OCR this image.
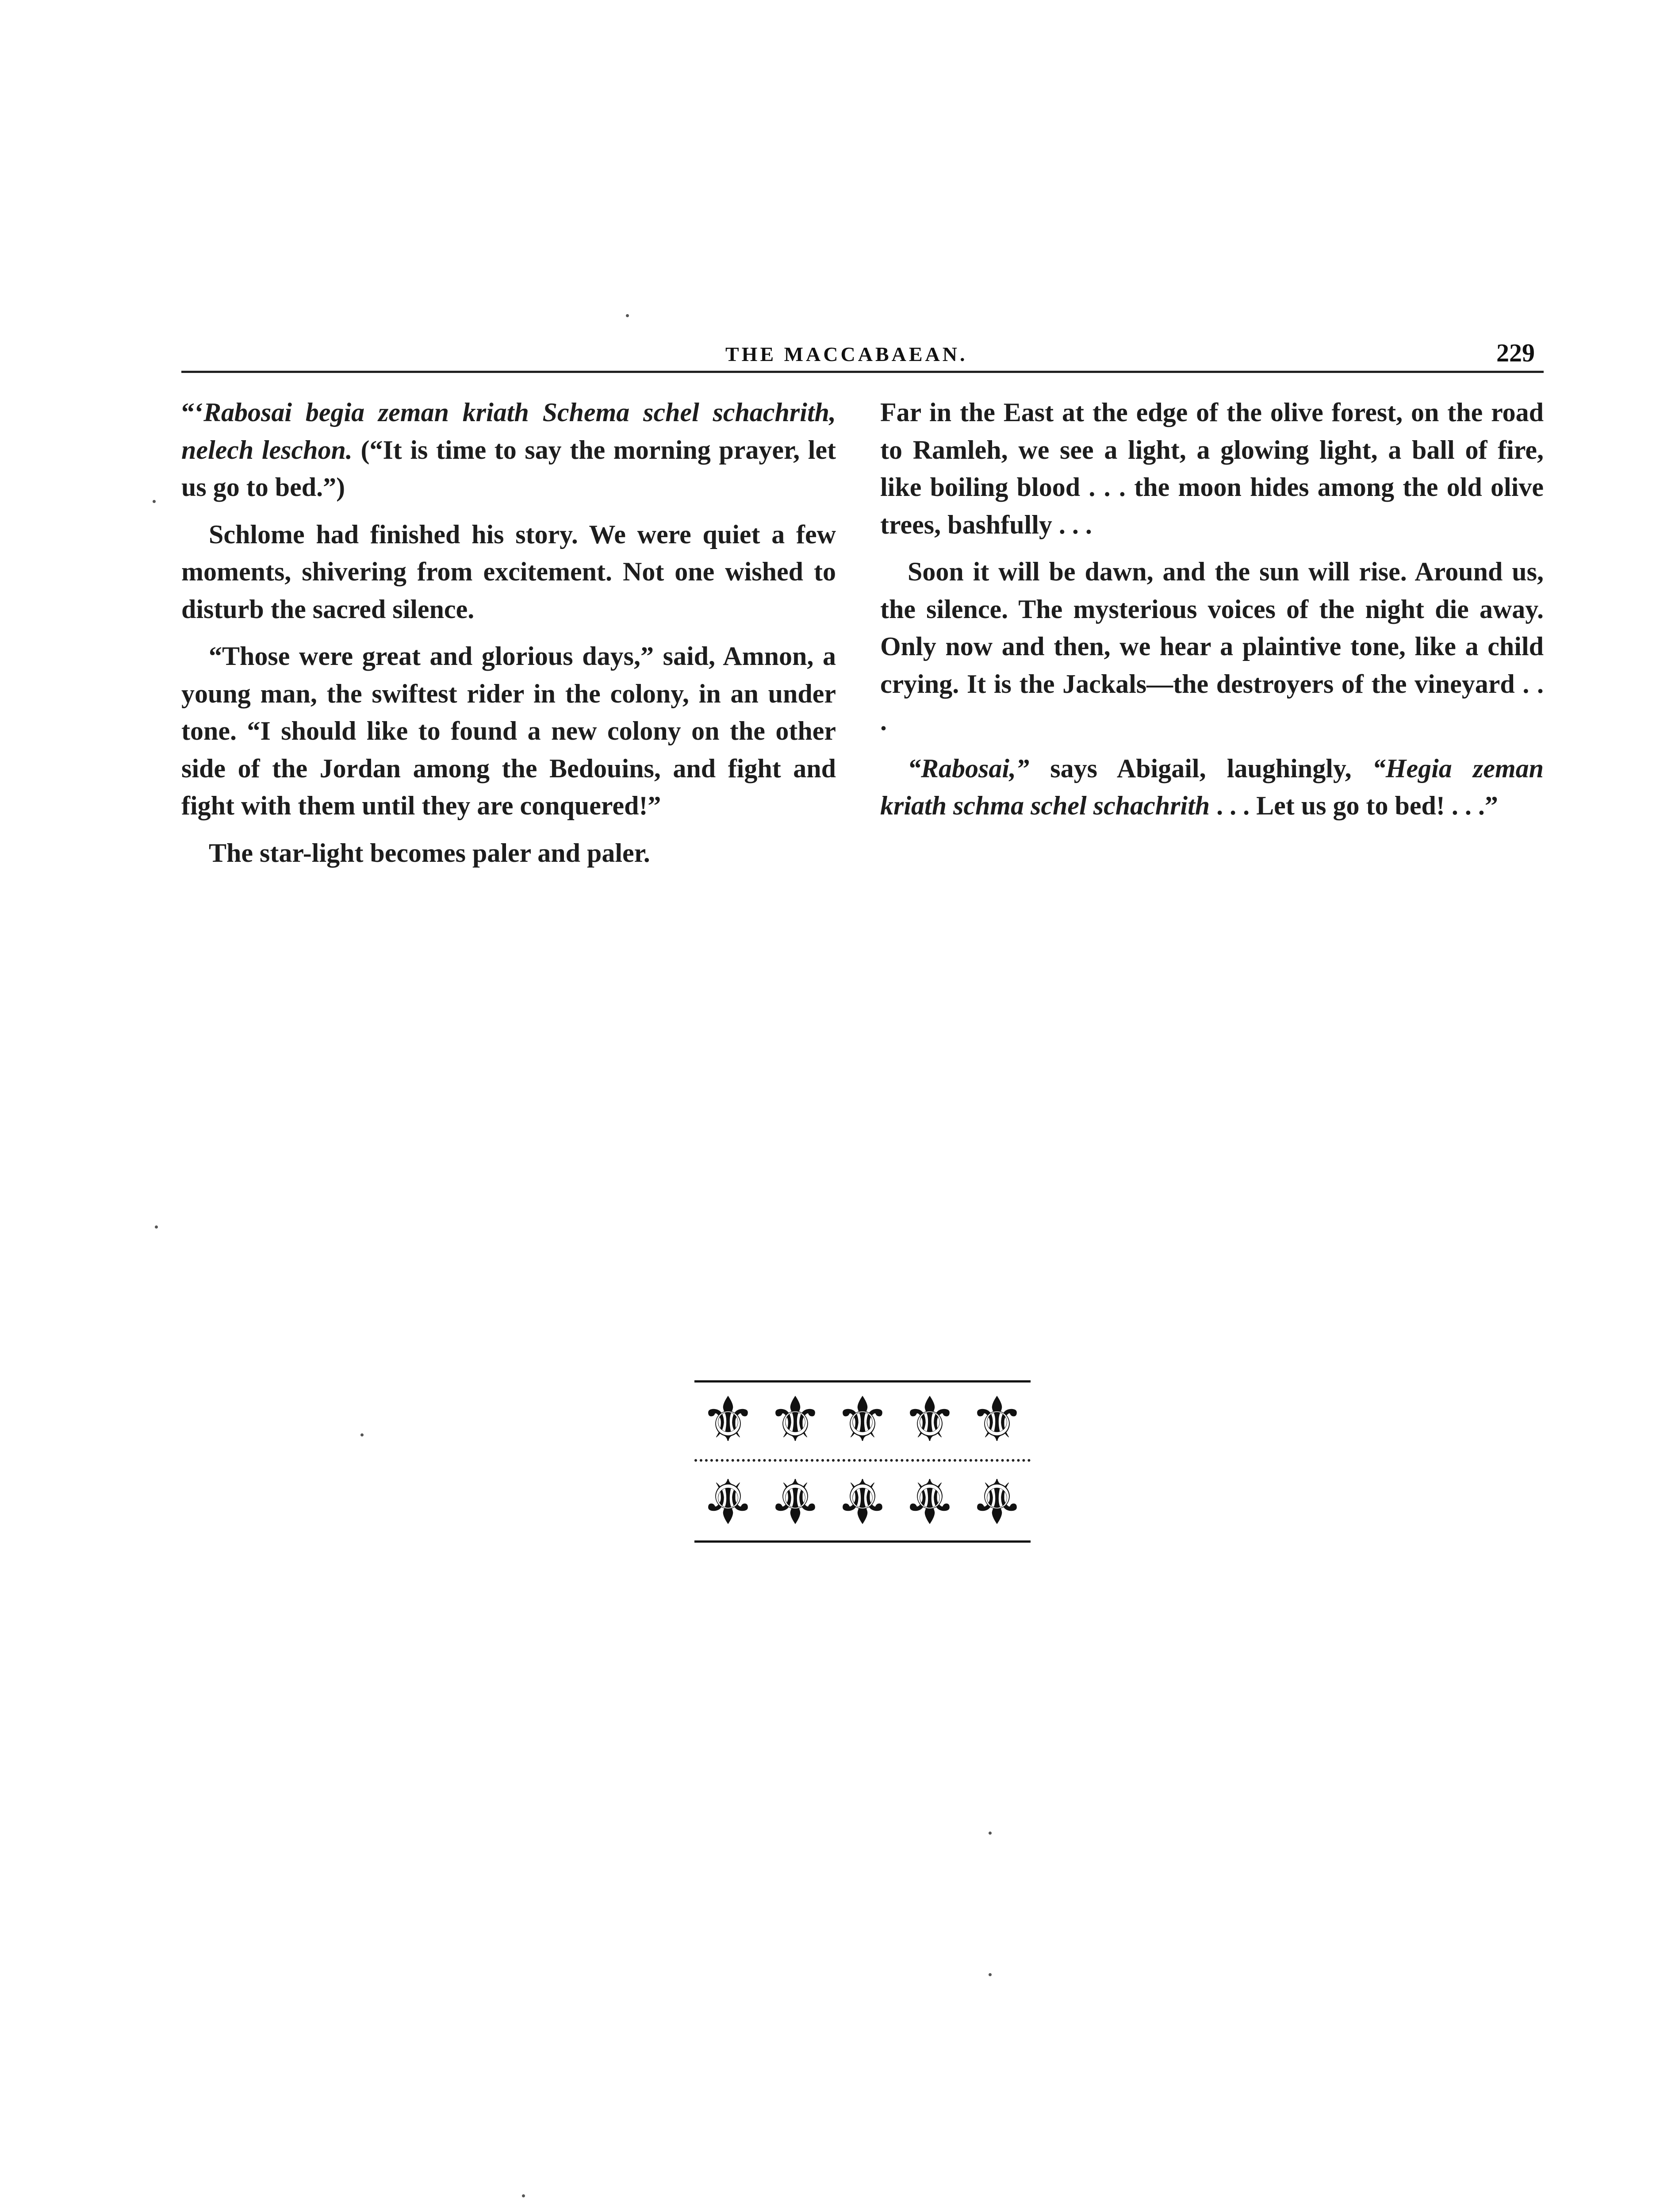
THE MACCABAEAN.	229

“‘Rabosai begia zeman kriath Schema schel schachrith, nelech leschon. (“It is time to say the morning prayer, let us go to bed.”)

Schlome had finished his story. We were quiet a few moments, shivering from excitement. Not one wished to disturb the sacred silence.

“Those were great and glorious days,” said, Amnon, a young man, the swiftest rider in the colony, in an under tone. “I should like to found a new colony on the other side of the Jordan among the Bedouins, and fight and fight with them until they are conquered!”

The star-light becomes paler and paler.

Far in the East at the edge of the olive forest, on the road to Ramleh, we see a light, a glowing light, a ball of fire, like boiling blood . . . the moon hides among the old olive trees, bashfully . . .

Soon it will be dawn, and the sun will rise. Around us, the silence. The mysterious voices of the night die away. Only now and then, we hear a plaintive tone, like a child crying. It is the Jackals—the destroyers of the vineyard . . .

“Rabosai,” says Abigail, laughingly, “Hegia zeman kriath schma schel schachrith . . . Let us go to bed! . . .”

⚜ ⚜ ⚜ ⚜ ⚜
⚜ ⚜ ⚜ ⚜ ⚜
